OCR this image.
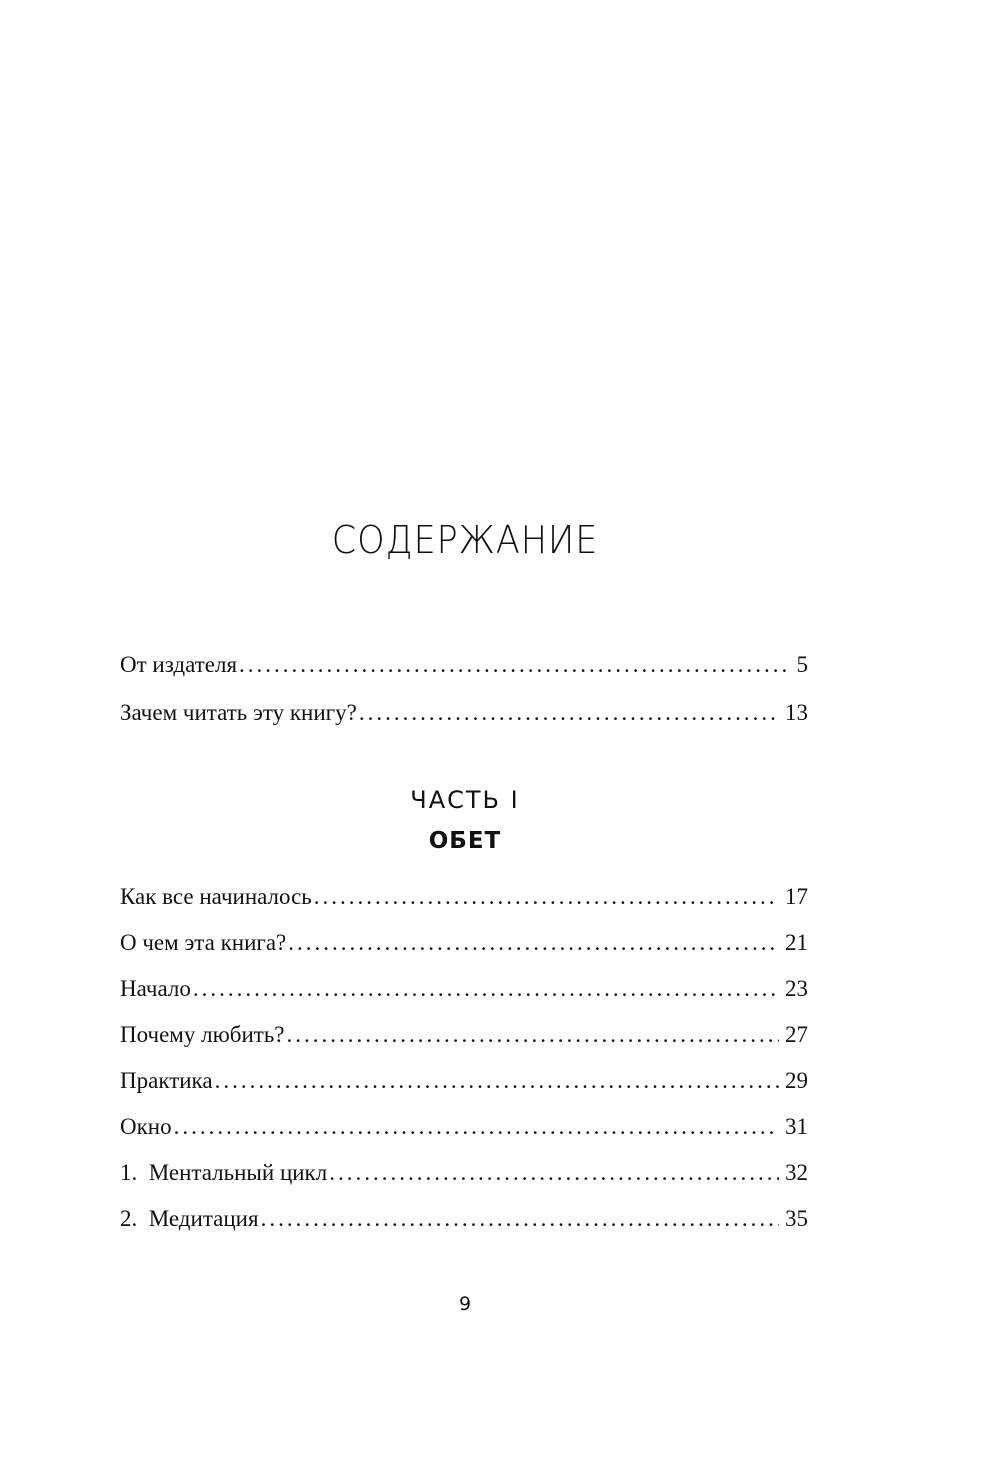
СОДЕРЖАНИЕ
От издателя .....	5
Зачем читать эту книгу? .....	13
ЧАСТЬ I
ОБЕТ
Как все начиналось .....	17
О чем эта книга? .....	21
Начало .....	23
Почему любить? .....	27
Практика .....	29
Окно .....	31
1.  Ментальный цикл .....	32
2.  Медитация .....	35
9
